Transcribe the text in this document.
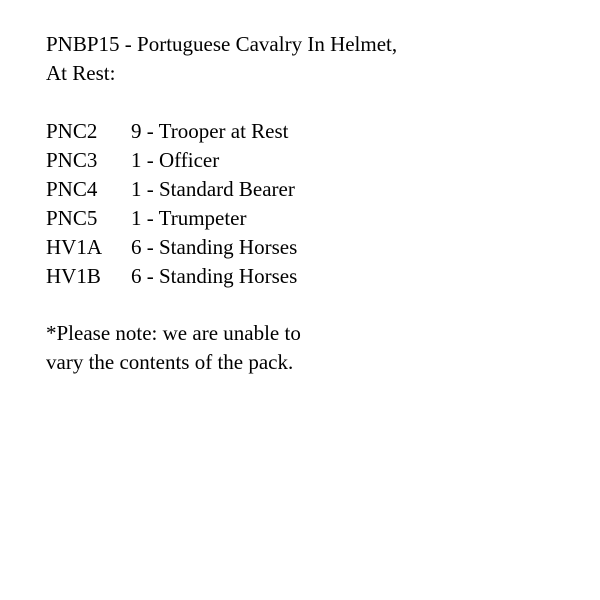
PNBP15 - Portuguese Cavalry In Helmet,
At Rest:
PNC2	9 - Trooper at Rest
PNC3	1 - Officer
PNC4	1 - Standard Bearer
PNC5	1 - Trumpeter
HV1A	6 - Standing Horses
HV1B	6 - Standing Horses
*Please note: we are unable to
vary the contents of the pack.
